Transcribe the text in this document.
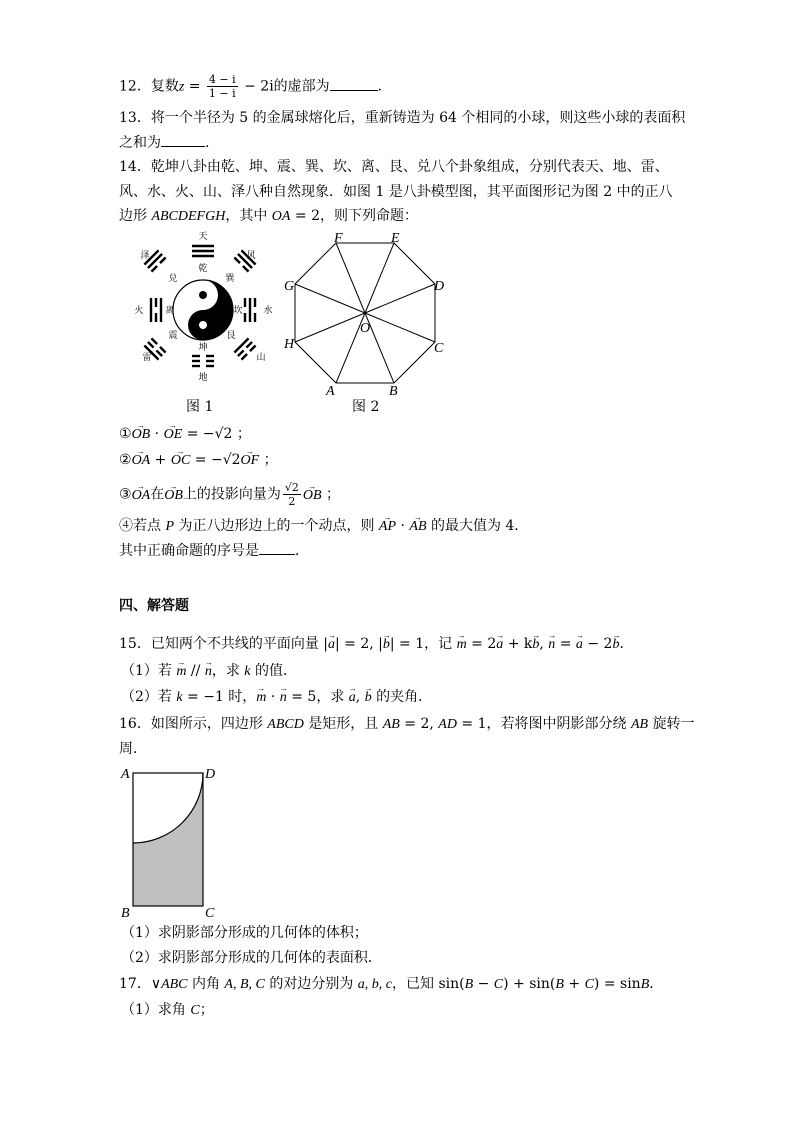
12．复数$z = \frac{4 - i}{1 - i} - 2i$的虚部为	.
13．将一个半径为 5 的金属球熔化后，重新铸造为 64 个相同的小球，则这些小球的表面积
之和为	.
14．乾坤八卦由乾、坤、震、巽、坎、离、艮、兑八个卦象组成，分别代表天、地、雷、
风、水、火、山、泽八种自然现象．如图 1 是八卦模型图，其平面图形记为图 2 中的正八
边形 ABCDEFGH，其中 OA = 2，则下列命题：
天
乾
风
巽
水
坎
山
艮
坤
地
震
雷
离
火
兑
泽
A	B
C
D
E
F
G
H
O
图 1	图 2
①→ OB · → OE = −√2 ；
②→ OA + → OC = −√2→ OF ；
③→ OA在→ OB上的投影向量为 $\frac{√2}{2}$
→ OB ；
④若点 P 为正八边形边上的一个动点，则 → AP · → AB 的最大值为 4．
其中正确命题的序号是	．
四、解答题
15．已知两个不共线的平面向量 |→ a| = 2, |→ b| = 1，记 → m = 2→ a + k→ b, → n = → a − 2→ b．
（1）若 → m // → n，求 k 的值．
（2）若 k = −1 时，→ m · → n = 5，求 → a, → b 的夹角．
16．如图所示，四边形 ABCD 是矩形，且 AB = 2, AD = 1，若将图中阴影部分绕 AB 旋转一
周．
A
B	C
D
（1）求阴影部分形成的几何体的体积；
（2）求阴影部分形成的几何体的表面积．
17．∨ABC 内角 A, B, C 的对边分别为 a, b, c，已知 sin(B − C) + sin(B + C) = sinB．
（1）求角 C；
